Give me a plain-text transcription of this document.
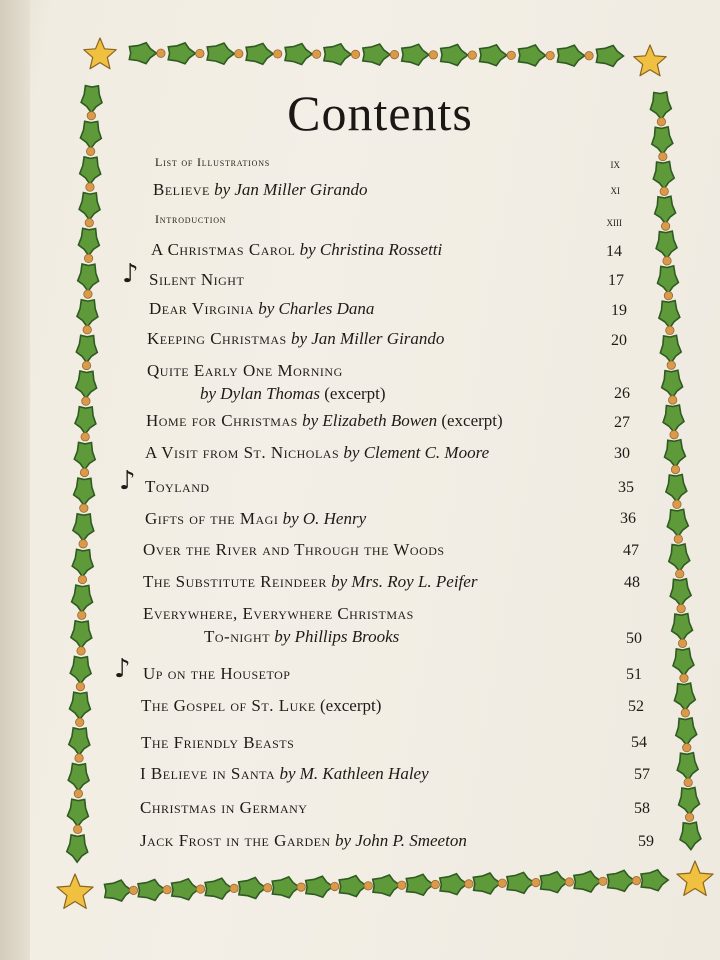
Contents
List of Illustrations	ix
Believe by Jan Miller Girando	xi
Introduction	xiii
A Christmas Carol by Christina Rossetti	14
Silent Night	17
♪
Dear Virginia by Charles Dana	19
Keeping Christmas by Jan Miller Girando	20
Quite Early One Morning
by Dylan Thomas (excerpt)	26
Home for Christmas by Elizabeth Bowen (excerpt)	27
A Visit from St. Nicholas by Clement C. Moore	30
Toyland	35
♪
Gifts of the Magi by O. Henry	36
Over the River and Through the Woods	47
The Substitute Reindeer by Mrs. Roy L. Peifer	48
Everywhere, Everywhere Christmas
To-night by Phillips Brooks	50
Up on the Housetop	51
♪
The Gospel of St. Luke (excerpt)	52
The Friendly Beasts	54
I Believe in Santa by M. Kathleen Haley	57
Christmas in Germany	58
Jack Frost in the Garden by John P. Smeeton	59
